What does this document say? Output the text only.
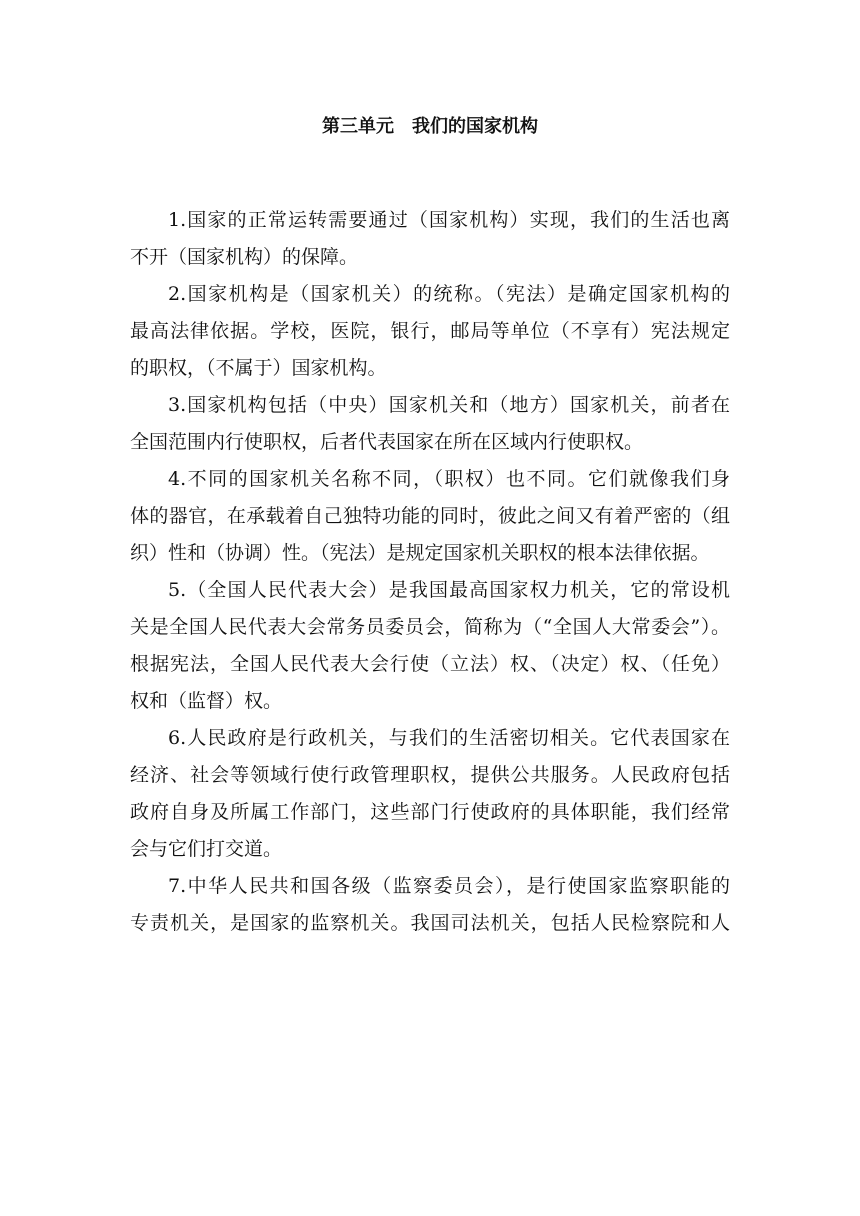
第三单元　我们的国家机构

1.国家的正常运转需要通过（国家机构）实现，我们的生活也离
不开（国家机构）的保障。

2.国家机构是（国家机关）的统称。（宪法）是确定国家机构的
最高法律依据。学校，医院，银行，邮局等单位（不享有）宪法规定
的职权，（不属于）国家机构。

3.国家机构包括（中央）国家机关和（地方）国家机关，前者在
全国范围内行使职权，后者代表国家在所在区域内行使职权。

4.不同的国家机关名称不同，（职权）也不同。它们就像我们身
体的器官，在承载着自己独特功能的同时，彼此之间又有着严密的（组
织）性和（协调）性。（宪法）是规定国家机关职权的根本法律依据。

5.（全国人民代表大会）是我国最高国家权力机关，它的常设机
关是全国人民代表大会常务员委员会，简称为（“全国人大常委会”）。
根据宪法，全国人民代表大会行使（立法）权、（决定）权、（任免）
权和（监督）权。

6.人民政府是行政机关，与我们的生活密切相关。它代表国家在
经济、社会等领域行使行政管理职权，提供公共服务。人民政府包括
政府自身及所属工作部门，这些部门行使政府的具体职能，我们经常
会与它们打交道。

7.中华人民共和国各级（监察委员会），是行使国家监察职能的
专责机关，是国家的监察机关。我国司法机关，包括人民检察院和人
